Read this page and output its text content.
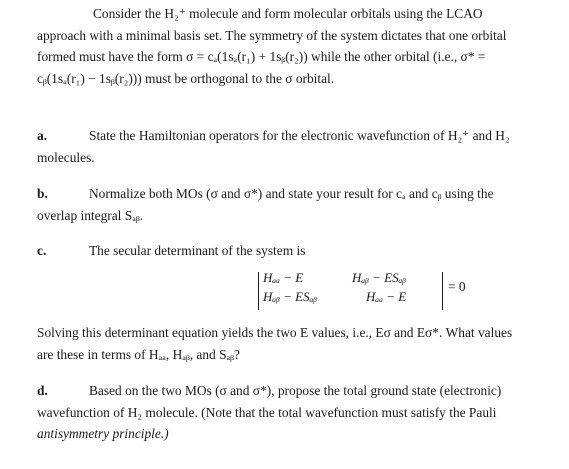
Consider the H₂⁺ molecule and form molecular orbitals using the LCAO
approach with a minimal basis set. The symmetry of the system dictates that one orbital
formed must have the form σ = cₐ(1sₐ(r₁) + 1sᵦ(r₂)) while the other orbital (i.e., σ* =
cᵦ(1sₐ(r₁) − 1sᵦ(r₂))) must be orthogonal to the σ orbital.
a.	State the Hamiltonian operators for the electronic wavefunction of H₂⁺ and H₂
molecules.
b.	Normalize both MOs (σ and σ*) and state your result for cₐ and cᵦ using the
overlap integral Sₐᵦ.
c.	The secular determinant of the system is
Hₐₐ − E	Hₐᵦ − ESₐᵦ
Hₐᵦ − ESₐᵦ	Hₐₐ − E
= 0
Solving this determinant equation yields the two E values, i.e., Eσ and Eσ*. What values
are these in terms of Hₐₐ, Hₐᵦ, and Sₐᵦ?
d.	Based on the two MOs (σ and σ*), propose the total ground state (electronic)
wavefunction of H₂ molecule. (Note that the total wavefunction must satisfy the Pauli
antisymmetry principle.)
